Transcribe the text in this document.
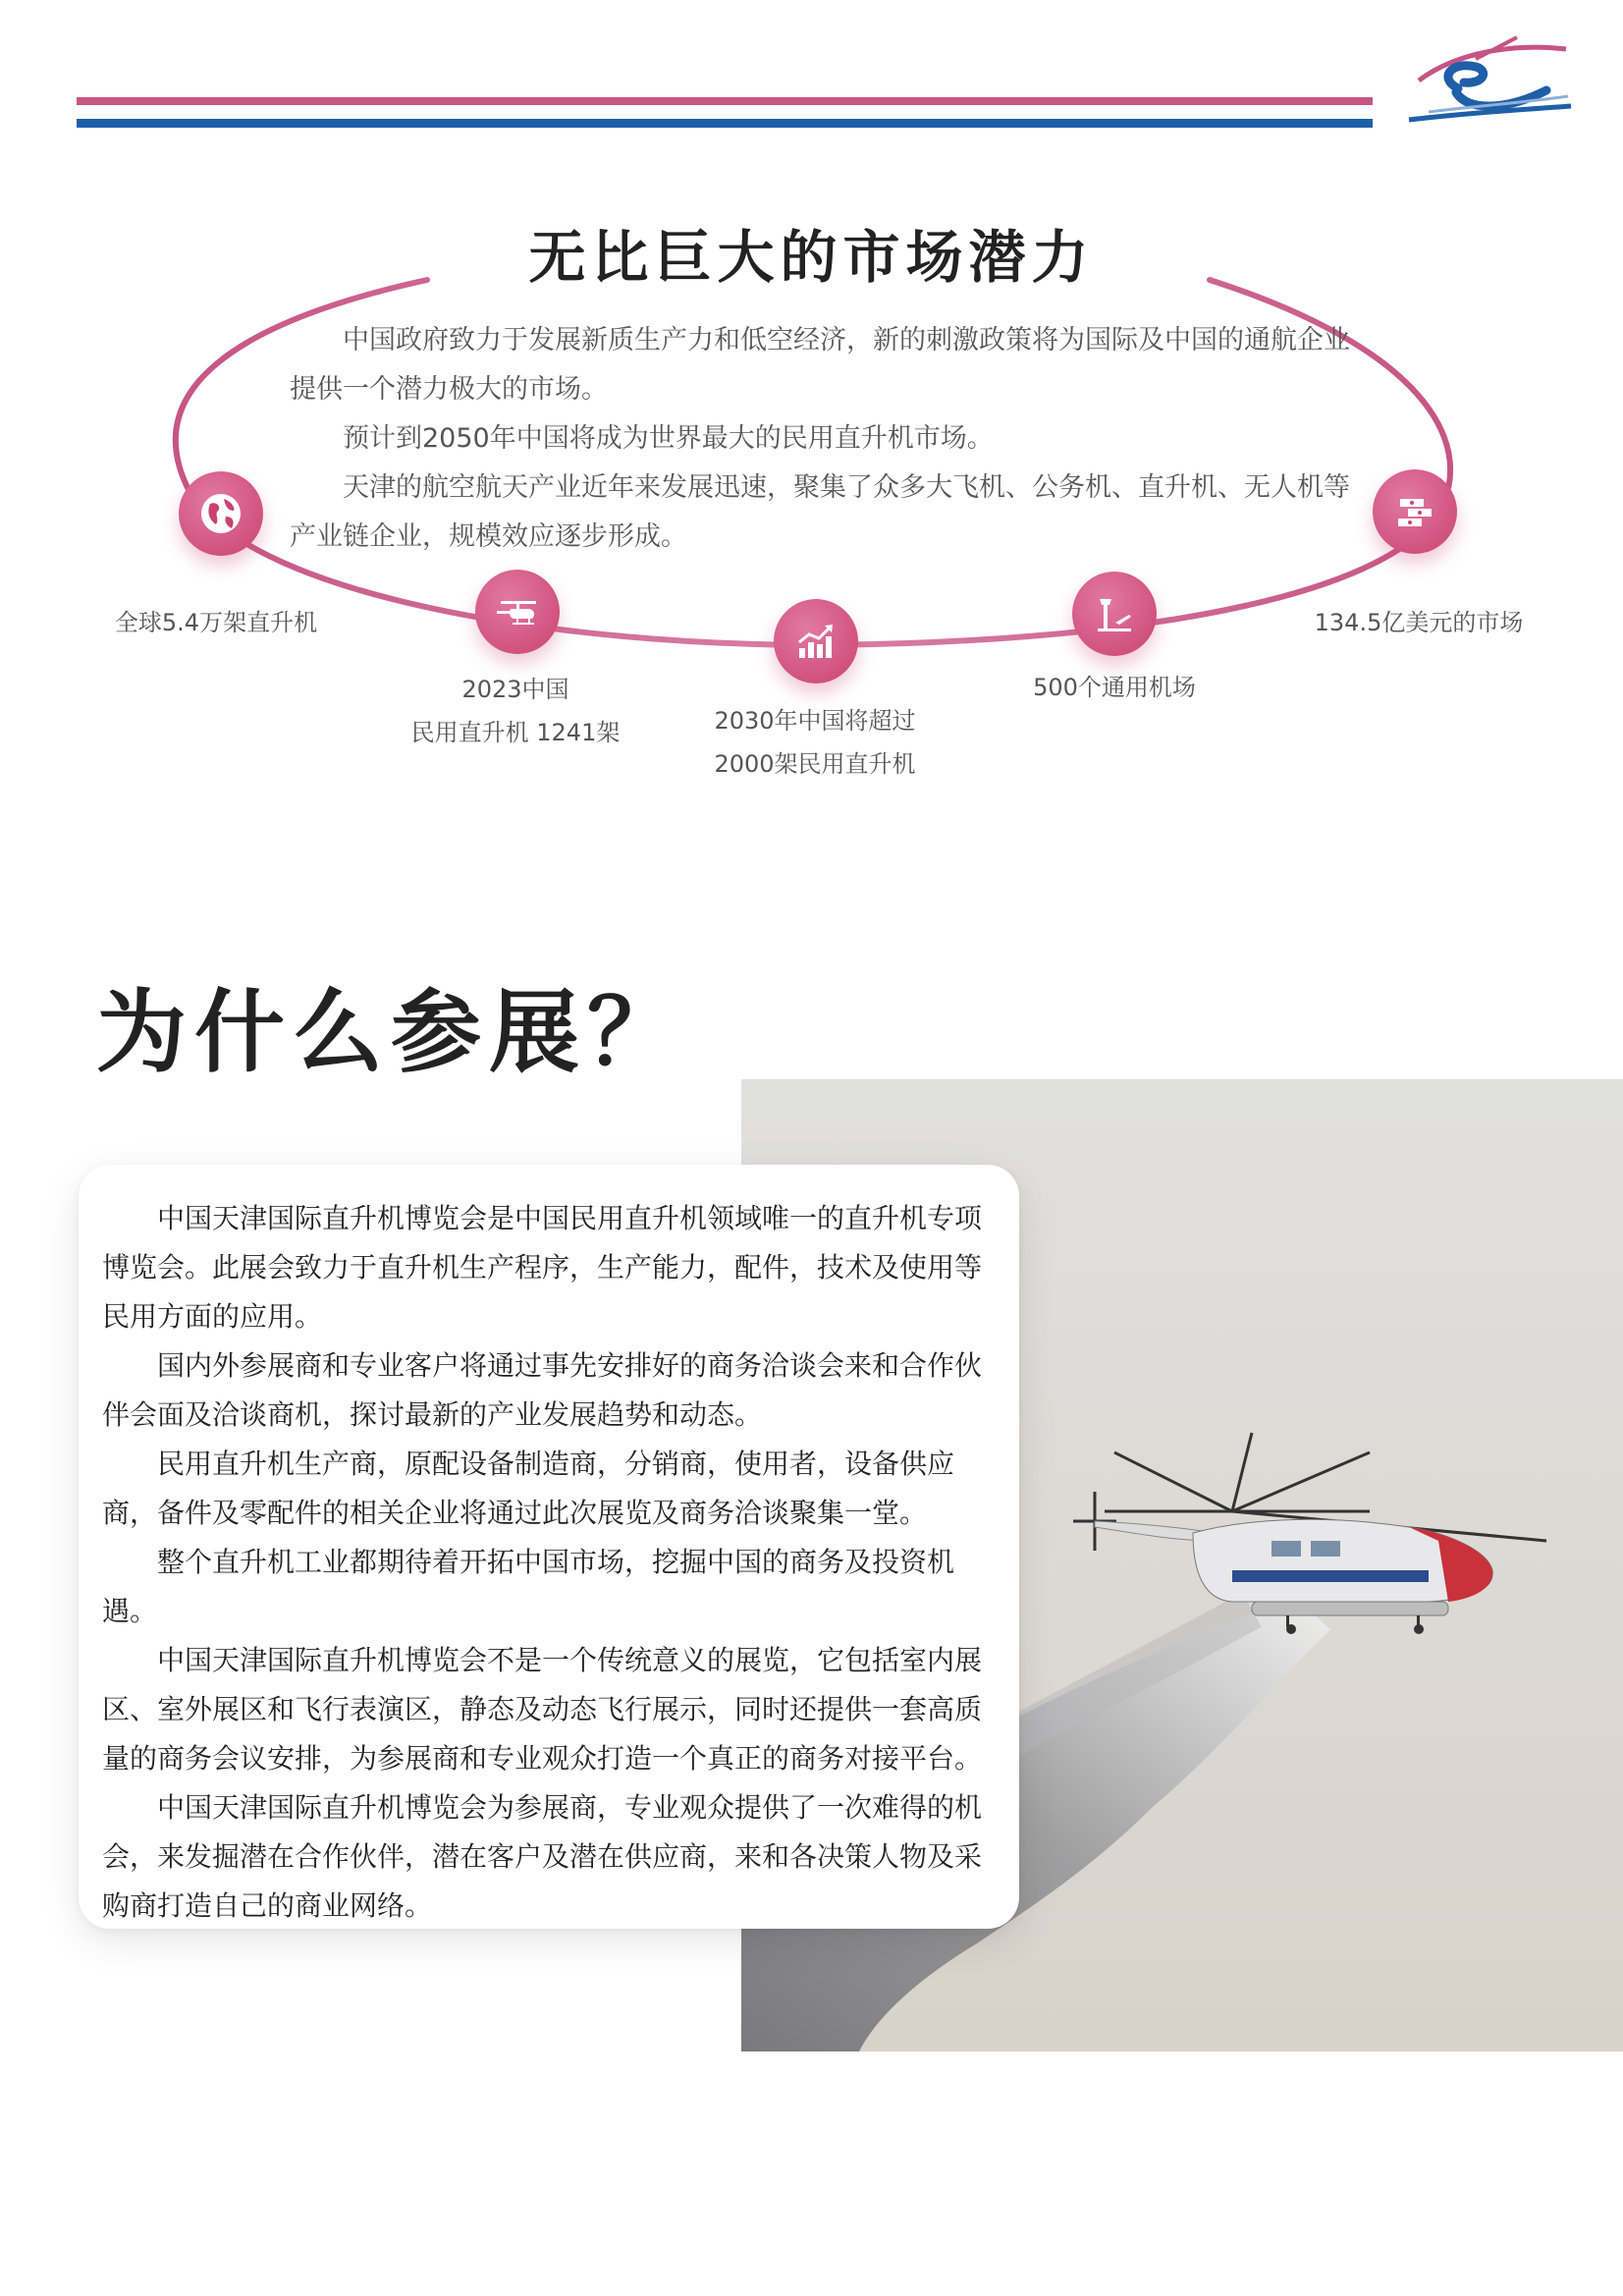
无比巨大的市场潜力

中国政府致力于发展新质生产力和低空经济，新的刺激政策将为国际及中国的通航企业提供一个潜力极大的市场。

预计到2050年中国将成为世界最大的民用直升机市场。

天津的航空航天产业近年来发展迅速，聚集了众多大飞机、公务机、直升机、无人机等产业链企业，规模效应逐步形成。

全球5.4万架直升机
2023中国
民用直升机 1241架	2030年中国将超过
2000架民用直升机
500个通用机场
134.5亿美元的市场
为什么参展？

中国天津国际直升机博览会是中国民用直升机领域唯一的直升机专项博览会。此展会致力于直升机生产程序，生产能力，配件，技术及使用等民用方面的应用。

国内外参展商和专业客户将通过事先安排好的商务洽谈会来和合作伙伴会面及洽谈商机，探讨最新的产业发展趋势和动态。

民用直升机生产商，原配设备制造商，分销商，使用者，设备供应商，备件及零配件的相关企业将通过此次展览及商务洽谈聚集一堂。

整个直升机工业都期待着开拓中国市场，挖掘中国的商务及投资机遇。

中国天津国际直升机博览会不是一个传统意义的展览，它包括室内展区、室外展区和飞行表演区，静态及动态飞行展示，同时还提供一套高质量的商务会议安排，为参展商和专业观众打造一个真正的商务对接平台。

中国天津国际直升机博览会为参展商，专业观众提供了一次难得的机会，来发掘潜在合作伙伴，潜在客户及潜在供应商，来和各决策人物及采购商打造自己的商业网络。
